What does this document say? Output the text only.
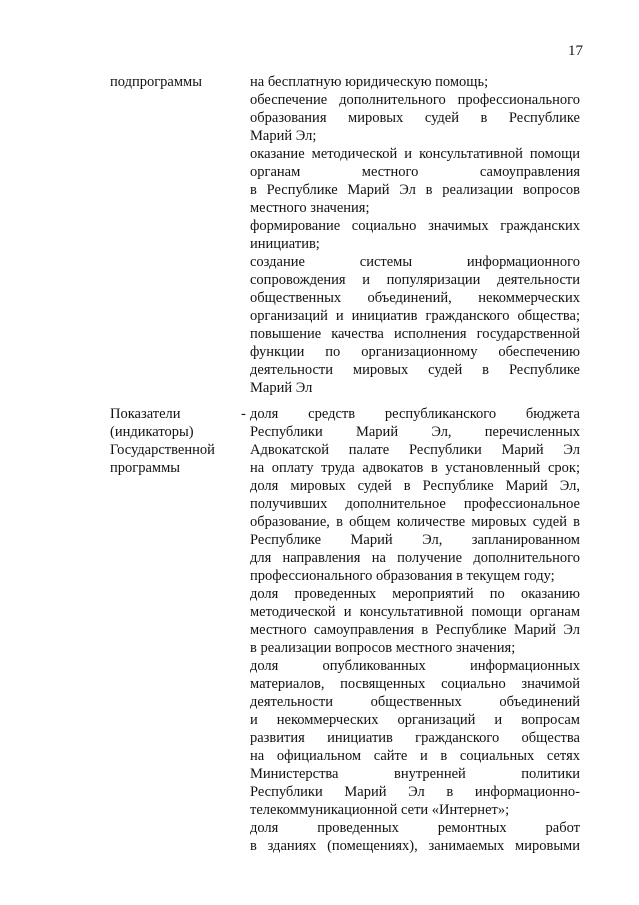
17
подпрограммы	на бесплатную юридическую помощь;
обеспечение дополнительного профессионального
образования мировых судей в Республике
Марий Эл;
оказание методической и консультативной помощи
органам местного самоуправления
в Республике Марий Эл в реализации вопросов
местного значения;
формирование социально значимых гражданских
инициатив;
создание системы информационного
сопровождения и популяризации деятельности
общественных объединений, некоммерческих
организаций и инициатив гражданского общества;
повышение качества исполнения государственной
функции по организационному обеспечению
деятельности мировых судей в Республике
Марий Эл
Показатели
(индикаторы)
Государственной
программы
- доля средств республиканского бюджета
Республики Марий Эл, перечисленных
Адвокатской палате Республики Марий Эл
на оплату труда адвокатов в установленный срок;
доля мировых судей в Республике Марий Эл,
получивших дополнительное профессиональное
образование, в общем количестве мировых судей в
Республике Марий Эл, запланированном
для направления на получение дополнительного
профессионального образования в текущем году;
доля проведенных мероприятий по оказанию
методической и консультативной помощи органам
местного самоуправления в Республике Марий Эл
в реализации вопросов местного значения;
доля опубликованных информационных
материалов, посвященных социально значимой
деятельности общественных объединений
и некоммерческих организаций и вопросам
развития инициатив гражданского общества
на официальном сайте и в социальных сетях
Министерства внутренней политики
Республики Марий Эл в информационно-
телекоммуникационной сети «Интернет»;
доля проведенных ремонтных работ
в зданиях (помещениях), занимаемых мировыми
